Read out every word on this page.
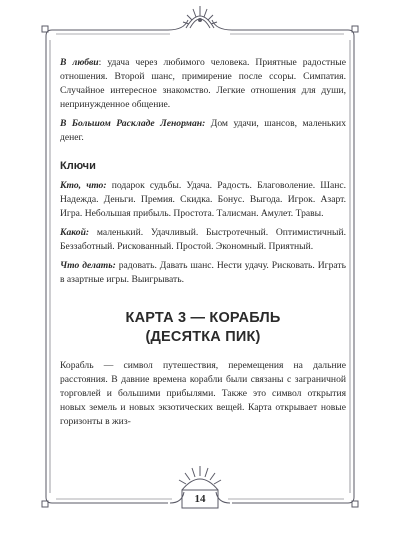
В любви: удача через любимого человека. Приятные радостные отношения. Второй шанс, примирение после ссоры. Симпатия. Случайное интересное знакомство. Легкие отношения для души, непринужденное общение.

В Большом Раскладе Ленорман: Дом удачи, шансов, маленьких денег.

Ключи

Кто, что: подарок судьбы. Удача. Радость. Благоволение. Шанс. Надежда. Деньги. Премия. Скидка. Бонус. Выгода. Игрок. Азарт. Игра. Небольшая прибыль. Простота. Талисман. Амулет. Травы.

Какой: маленький. Удачливый. Быстротечный. Оптимистичный. Беззаботный. Рискованный. Простой. Экономный. Приятный.

Что делать: радовать. Давать шанс. Нести удачу. Рисковать. Играть в азартные игры. Выигрывать.

КАРТА 3 — КОРАБЛЬ
(ДЕСЯТКА ПИК)

Корабль — символ путешествия, перемещения на дальние расстояния. В давние времена корабли были связаны с заграничной торговлей и большими прибылями. Также это символ открытия новых земель и новых экзотических вещей. Карта открывает новые горизонты в жиз-

14
